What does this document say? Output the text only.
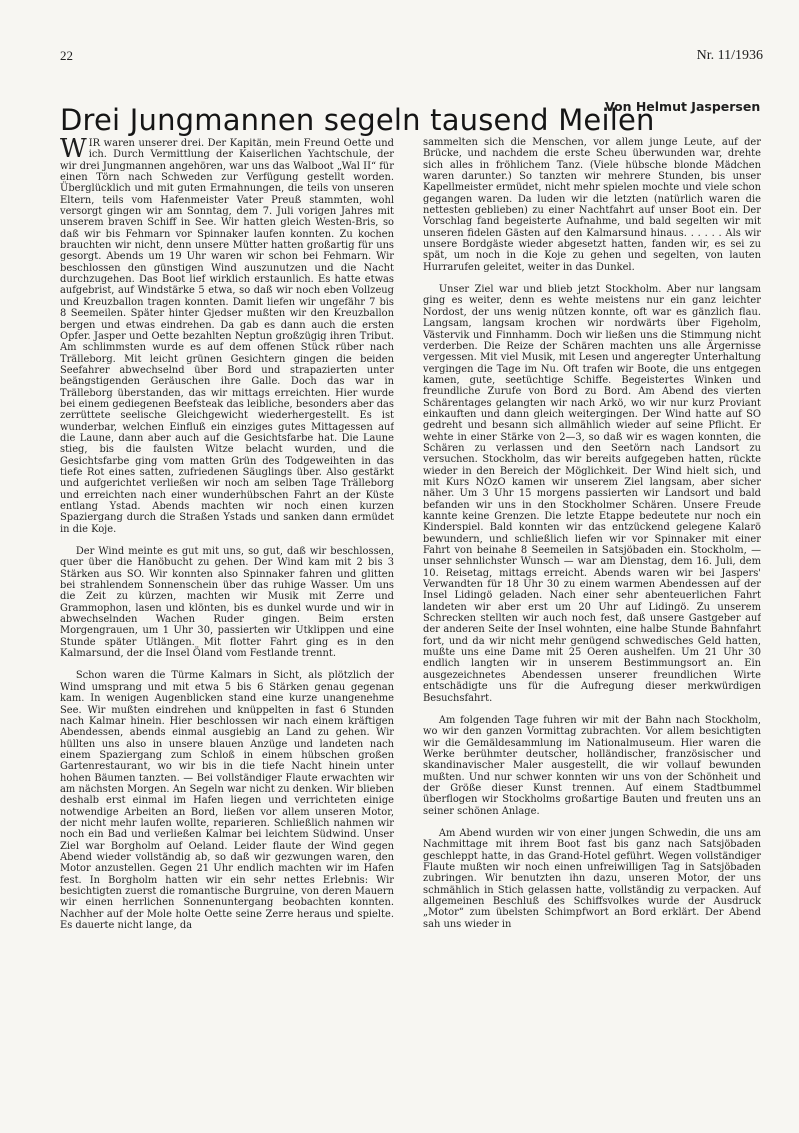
22	Nr. 11/1936
Drei Jungmannen segeln tausend Meilen
Von Helmut Jaspersen

WIR waren unserer drei. Der Kapitän, mein Freund Oette und ich. Durch Vermittlung der Kaiserlichen Yachtschule, der wir drei Jungmannen angehören, war uns das Walboot „Wal II“ für einen Törn nach Schweden zur Verfügung gestellt worden. Überglücklich und mit guten Ermahnungen, die teils von unseren Eltern, teils vom Hafenmeister Vater Preuß stammten, wohl versorgt gingen wir am Sonntag, dem 7. Juli vorigen Jahres mit unserem braven Schiff in See. Wir hatten gleich Westen-Bris, so daß wir bis Fehmarn vor Spinnaker laufen konnten. Zu kochen brauchten wir nicht, denn unsere Mütter hatten großartig für uns gesorgt. Abends um 19 Uhr waren wir schon bei Fehmarn. Wir beschlossen den günstigen Wind auszunutzen und die Nacht durchzugehen. Das Boot lief wirklich erstaunlich. Es hatte etwas aufgebrist, auf Windstärke 5 etwa, so daß wir noch eben Vollzeug und Kreuzballon tragen konnten. Damit liefen wir ungefähr 7 bis 8 Seemeilen. Später hinter Gjedser mußten wir den Kreuzballon bergen und etwas eindrehen. Da gab es dann auch die ersten Opfer. Jasper und Oette bezahlten Neptun großzügig ihren Tribut. Am schlimmsten wurde es auf dem offenen Stück rüber nach Trälleborg. Mit leicht grünen Gesichtern gingen die beiden Seefahrer abwechselnd über Bord und strapazierten unter beängstigenden Geräuschen ihre Galle. Doch das war in Trälleborg überstanden, das wir mittags erreichten. Hier wurde bei einem gediegenen Beefsteak das leibliche, besonders aber das zerrüttete seelische Gleichgewicht wiederhergestellt. Es ist wunderbar, welchen Einfluß ein einziges gutes Mittagessen auf die Laune, dann aber auch auf die Gesichtsfarbe hat. Die Laune stieg, bis die faulsten Witze belacht wurden, und die Gesichtsfarbe ging vom matten Grün des Todgeweihten in das tiefe Rot eines satten, zufriedenen Säuglings über. Also gestärkt und aufgerichtet verließen wir noch am selben Tage Trälleborg und erreichten nach einer wunderhübschen Fahrt an der Küste entlang Ystad. Abends machten wir noch einen kurzen Spaziergang durch die Straßen Ystads und sanken dann ermüdet in die Koje.

Der Wind meinte es gut mit uns, so gut, daß wir beschlossen, quer über die Hanöbucht zu gehen. Der Wind kam mit 2 bis 3 Stärken aus SO. Wir konnten also Spinnaker fahren und glitten bei strahlendem Sonnenschein über das ruhige Wasser. Um uns die Zeit zu kürzen, machten wir Musik mit Zerre und Grammophon, lasen und klönten, bis es dunkel wurde und wir in abwechselnden Wachen Ruder gingen. Beim ersten Morgengrauen, um 1 Uhr 30, passierten wir Utklippen und eine Stunde später Utlängen. Mit flotter Fahrt ging es in den Kalmarsund, der die Insel Öland vom Festlande trennt.

Schon waren die Türme Kalmars in Sicht, als plötzlich der Wind umsprang und mit etwa 5 bis 6 Stärken genau gegenan kam. In wenigen Augenblicken stand eine kurze unangenehme See. Wir mußten eindrehen und knüppelten in fast 6 Stunden nach Kalmar hinein. Hier beschlossen wir nach einem kräftigen Abendessen, abends einmal ausgiebig an Land zu gehen. Wir hüllten uns also in unsere blauen Anzüge und landeten nach einem Spaziergang zum Schloß in einem hübschen großen Gartenrestaurant, wo wir bis in die tiefe Nacht hinein unter hohen Bäumen tanzten. — Bei vollständiger Flaute erwachten wir am nächsten Morgen. An Segeln war nicht zu denken. Wir blieben deshalb erst einmal im Hafen liegen und verrichteten einige notwendige Arbeiten an Bord, ließen vor allem unseren Motor, der nicht mehr laufen wollte, reparieren. Schließlich nahmen wir noch ein Bad und verließen Kalmar bei leichtem Südwind. Unser Ziel war Borgholm auf Oeland. Leider flaute der Wind gegen Abend wieder vollständig ab, so daß wir gezwungen waren, den Motor anzustellen. Gegen 21 Uhr endlich machten wir im Hafen fest. In Borgholm hatten wir ein sehr nettes Erlebnis: Wir besichtigten zuerst die romantische Burgruine, von deren Mauern wir einen herrlichen Sonnenuntergang beobachten konnten. Nachher auf der Mole holte Oette seine Zerre heraus und spielte. Es dauerte nicht lange, da

sammelten sich die Menschen, vor allem junge Leute, auf der Brücke, und nachdem die erste Scheu überwunden war, drehte sich alles in fröhlichem Tanz. (Viele hübsche blonde Mädchen waren darunter.) So tanzten wir mehrere Stunden, bis unser Kapellmeister ermüdet, nicht mehr spielen mochte und viele schon gegangen waren. Da luden wir die letzten (natürlich waren die nettesten geblieben) zu einer Nachtfahrt auf unser Boot ein. Der Vorschlag fand begeisterte Aufnahme, und bald segelten wir mit unseren fidelen Gästen auf den Kalmarsund hinaus. . . . . . Als wir unsere Bordgäste wieder abgesetzt hatten, fanden wir, es sei zu spät, um noch in die Koje zu gehen und segelten, von lauten Hurrarufen geleitet, weiter in das Dunkel.

Unser Ziel war und blieb jetzt Stockholm. Aber nur langsam ging es weiter, denn es wehte meistens nur ein ganz leichter Nordost, der uns wenig nützen konnte, oft war es gänzlich flau. Langsam, langsam krochen wir nordwärts über Figeholm, Västervik und Finnhamm. Doch wir ließen uns die Stimmung nicht verderben. Die Reize der Schären machten uns alle Ärgernisse vergessen. Mit viel Musik, mit Lesen und angeregter Unterhaltung vergingen die Tage im Nu. Oft trafen wir Boote, die uns entgegen kamen, gute, seetüchtige Schiffe. Begeistertes Winken und freundliche Zurufe von Bord zu Bord. Am Abend des vierten Schärentages gelangten wir nach Arkö, wo wir nur kurz Proviant einkauften und dann gleich weitergingen. Der Wind hatte auf SO gedreht und besann sich allmählich wieder auf seine Pflicht. Er wehte in einer Stärke von 2—3, so daß wir es wagen konnten, die Schären zu verlassen und den Seetörn nach Landsort zu versuchen. Stockholm, das wir bereits aufgegeben hatten, rückte wieder in den Bereich der Möglichkeit. Der Wind hielt sich, und mit Kurs NOzO kamen wir unserem Ziel langsam, aber sicher näher. Um 3 Uhr 15 morgens passierten wir Landsort und bald befanden wir uns in den Stockholmer Schären. Unsere Freude kannte keine Grenzen. Die letzte Etappe bedeutete nur noch ein Kinderspiel. Bald konnten wir das entzückend gelegene Kalarö bewundern, und schließlich liefen wir vor Spinnaker mit einer Fahrt von beinahe 8 Seemeilen in Satsjöbaden ein. Stockholm, — unser sehnlichster Wunsch — war am Dienstag, dem 16. Juli, dem 10. Reisetag, mittags erreicht. Abends waren wir bei Jaspers' Verwandten für 18 Uhr 30 zu einem warmen Abendessen auf der Insel Lidingö geladen. Nach einer sehr abenteuerlichen Fahrt landeten wir aber erst um 20 Uhr auf Lidingö. Zu unserem Schrecken stellten wir auch noch fest, daß unsere Gastgeber auf der anderen Seite der Insel wohnten, eine halbe Stunde Bahnfahrt fort, und da wir nicht mehr genügend schwedisches Geld hatten, mußte uns eine Dame mit 25 Oeren aushelfen. Um 21 Uhr 30 endlich langten wir in unserem Bestimmungsort an. Ein ausgezeichnetes Abendessen unserer freundlichen Wirte entschädigte uns für die Aufregung dieser merkwürdigen Besuchsfahrt.

Am folgenden Tage fuhren wir mit der Bahn nach Stockholm, wo wir den ganzen Vormittag zubrachten. Vor allem besichtigten wir die Gemäldesammlung im Nationalmuseum. Hier waren die Werke berühmter deutscher, holländischer, französischer und skandinavischer Maler ausgestellt, die wir vollauf bewunden mußten. Und nur schwer konnten wir uns von der Schönheit und der Größe dieser Kunst trennen. Auf einem Stadtbummel überflogen wir Stockholms großartige Bauten und freuten uns an seiner schönen Anlage.

Am Abend wurden wir von einer jungen Schwedin, die uns am Nachmittage mit ihrem Boot fast bis ganz nach Satsjöbaden geschleppt hatte, in das Grand-Hotel geführt. Wegen vollständiger Flaute mußten wir noch einen unfreiwilligen Tag in Satsjöbaden zubringen. Wir benutzten ihn dazu, unseren Motor, der uns schmählich in Stich gelassen hatte, vollständig zu verpacken. Auf allgemeinen Beschluß des Schiffsvolkes wurde der Ausdruck „Motor“ zum übelsten Schimpfwort an Bord erklärt. Der Abend sah uns wieder in
